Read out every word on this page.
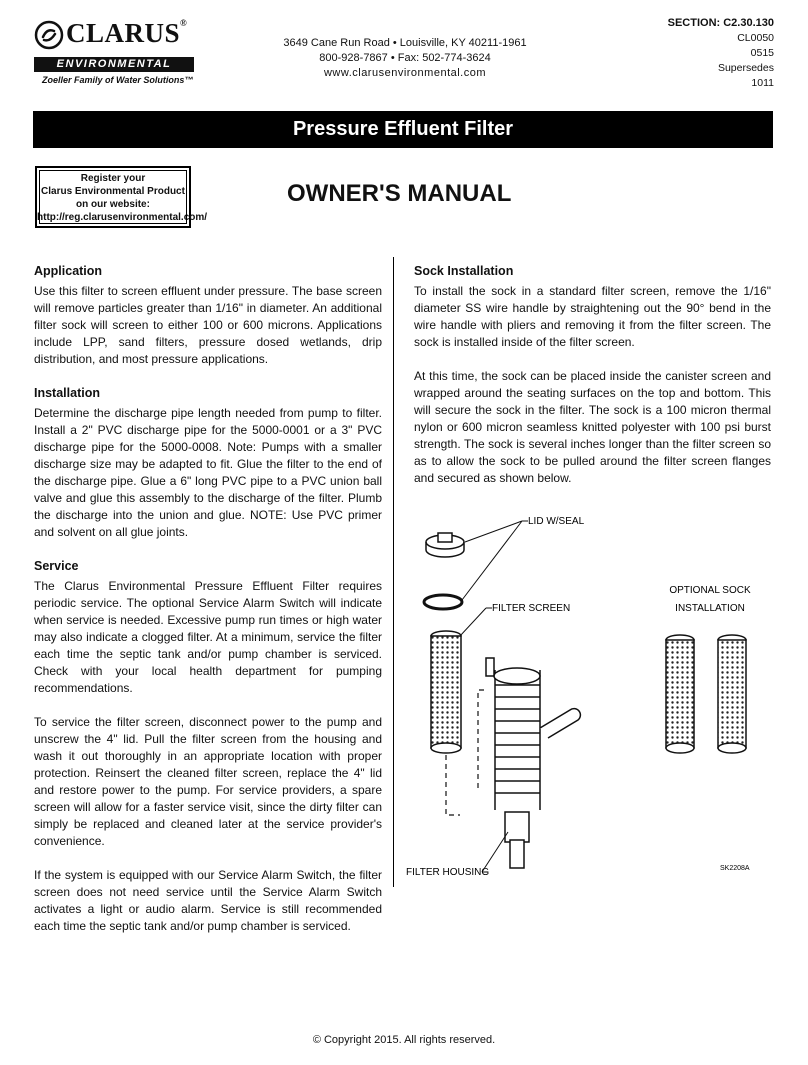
CLARUS®
ENVIRONMENTAL
Zoeller Family of Water Solutions™
3649 Cane Run Road • Louisville, KY 40211-1961
800-928-7867 • Fax: 502-774-3624
www.clarusenvironmental.com
SECTION: C2.30.130
CL0050
0515
Supersedes
1011
Pressure Effluent Filter
Register your
Clarus Environmental Product
on our website:
http://reg.clarusenvironmental.com/
OWNER'S MANUAL
Application

Use this filter to screen effluent under pressure. The base screen will remove particles greater than 1/16" in diameter. An additional filter sock will screen to either 100 or 600 microns. Applications include LPP, sand filters, pressure dosed wetlands, drip distribution, and most pressure applications.

Installation

Determine the discharge pipe length needed from pump to filter. Install a 2" PVC discharge pipe for the 5000-0001 or a 3" PVC discharge pipe for the 5000-0008. Note: Pumps with a smaller discharge size may be adapted to fit. Glue the filter to the end of the discharge pipe. Glue a 6" long PVC pipe to a PVC union ball valve and glue this assembly to the discharge of the filter. Plumb the discharge into the union and glue. NOTE: Use PVC primer and solvent on all glue joints.

Service

The Clarus Environmental Pressure Effluent Filter requires periodic service. The optional Service Alarm Switch will indicate when service is needed. Excessive pump run times or high water may also indicate a clogged filter. At a minimum, service the filter each time the septic tank and/or pump chamber is serviced. Check with your local health department for pumping recommendations.

To service the filter screen, disconnect power to the pump and unscrew the 4" lid. Pull the filter screen from the housing and wash it out thoroughly in an appropriate location with proper protection. Reinsert the cleaned filter screen, replace the 4" lid and restore power to the pump. For service providers, a spare screen will allow for a faster service visit, since the dirty filter can simply be replaced and cleaned later at the service provider's convenience.

If the system is equipped with our Service Alarm Switch, the filter screen does not need service until the Service Alarm Switch activates a light or audio alarm. Service is still recommended each time the septic tank and/or pump chamber is serviced.

Sock Installation

To install the sock in a standard filter screen, remove the 1/16" diameter SS wire handle by straightening out the 90° bend in the wire handle with pliers and removing it from the filter screen. The sock is installed inside of the filter screen.

At this time, the sock can be placed inside the canister screen and wrapped around the seating surfaces on the top and bottom. This will secure the sock in the filter. The sock is a 100 micron thermal nylon or 600 micron seamless knitted polyester with 100 psi burst strength. The sock is several inches longer than the filter screen so as to allow the sock to be pulled around the filter screen flanges and secured as shown below.

LID W/SEAL
FILTER SCREEN
FILTER HOUSING
OPTIONAL SOCK
INSTALLATION
SK2208A
© Copyright 2015. All rights reserved.
